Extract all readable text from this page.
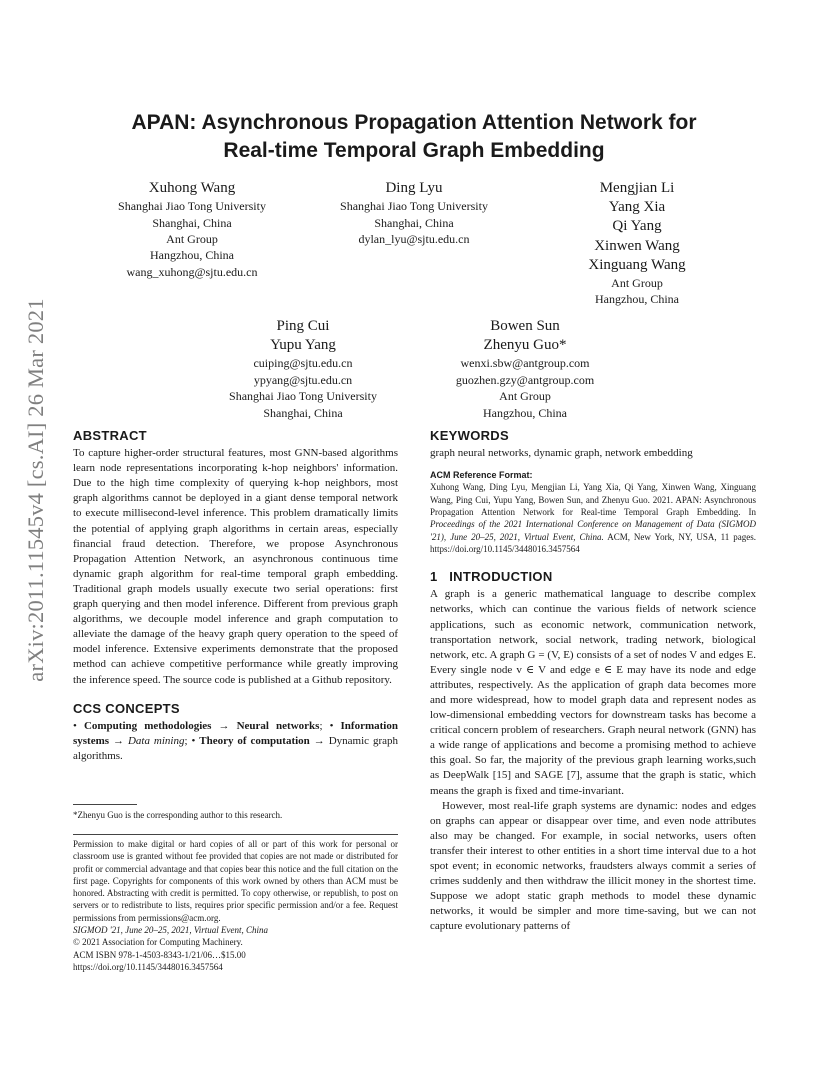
arXiv:2011.11545v4 [cs.AI] 26 Mar 2021
APAN: Asynchronous Propagation Attention Network for
Real-time Temporal Graph Embedding
Xuhong Wang
Shanghai Jiao Tong University
Shanghai, China
Ant Group
Hangzhou, China
wang_xuhong@sjtu.edu.cn
Ding Lyu
Shanghai Jiao Tong University
Shanghai, China
dylan_lyu@sjtu.edu.cn
Mengjian Li
Yang Xia
Qi Yang
Xinwen Wang
Xinguang Wang
Ant Group
Hangzhou, China
Ping Cui
Yupu Yang
cuiping@sjtu.edu.cn
ypyang@sjtu.edu.cn
Shanghai Jiao Tong University
Shanghai, China
Bowen Sun
Zhenyu Guo*
wenxi.sbw@antgroup.com
guozhen.gzy@antgroup.com
Ant Group
Hangzhou, China
ABSTRACT

To capture higher-order structural features, most GNN-based algorithms learn node representations incorporating k-hop neighbors' information. Due to the high time complexity of querying k-hop neighbors, most graph algorithms cannot be deployed in a giant dense temporal network to execute millisecond-level inference. This problem dramatically limits the potential of applying graph algorithms in certain areas, especially financial fraud detection. Therefore, we propose Asynchronous Propagation Attention Network, an asynchronous continuous time dynamic graph algorithm for real-time temporal graph embedding. Traditional graph models usually execute two serial operations: first graph querying and then model inference. Different from previous graph algorithms, we decouple model inference and graph computation to alleviate the damage of the heavy graph query operation to the speed of model inference. Extensive experiments demonstrate that the proposed method can achieve competitive performance while greatly improving the inference speed. The source code is published at a Github repository.

CCS CONCEPTS

• Computing methodologies → Neural networks; • Information systems → Data mining; • Theory of computation → Dynamic graph algorithms.

*Zhenyu Guo is the corresponding author to this research.

Permission to make digital or hard copies of all or part of this work for personal or classroom use is granted without fee provided that copies are not made or distributed for profit or commercial advantage and that copies bear this notice and the full citation on the first page. Copyrights for components of this work owned by others than ACM must be honored. Abstracting with credit is permitted. To copy otherwise, or republish, to post on servers or to redistribute to lists, requires prior specific permission and/or a fee. Request permissions from permissions@acm.org.

SIGMOD '21, June 20–25, 2021, Virtual Event, China

© 2021 Association for Computing Machinery.

ACM ISBN 978-1-4503-8343-1/21/06…$15.00

https://doi.org/10.1145/3448016.3457564

KEYWORDS

graph neural networks, dynamic graph, network embedding

ACM Reference Format:

Xuhong Wang, Ding Lyu, Mengjian Li, Yang Xia, Qi Yang, Xinwen Wang, Xinguang Wang, Ping Cui, Yupu Yang, Bowen Sun, and Zhenyu Guo. 2021. APAN: Asynchronous Propagation Attention Network for Real-time Temporal Graph Embedding. In Proceedings of the 2021 International Conference on Management of Data (SIGMOD '21), June 20–25, 2021, Virtual Event, China. ACM, New York, NY, USA, 11 pages. https://doi.org/10.1145/3448016.3457564

1   INTRODUCTION

A graph is a generic mathematical language to describe complex networks, which can continue the various fields of network science applications, such as economic network, communication network, transportation network, social network, trading network, biological network, etc. A graph G = (V, E) consists of a set of nodes V and edges E. Every single node v ∈ V and edge e ∈ E may have its node and edge attributes, respectively. As the application of graph data becomes more and more widespread, how to model graph data and represent nodes as low-dimensional embedding vectors for downstream tasks has become a critical concern problem of researchers. Graph neural network (GNN) has a wide range of applications and become a promising method to achieve this goal. So far, the majority of the previous graph learning works,such as DeepWalk [15] and SAGE [7], assume that the graph is static, which means the graph is fixed and time-invariant.

However, most real-life graph systems are dynamic: nodes and edges on graphs can appear or disappear over time, and even node attributes also may be changed. For example, in social networks, users often transfer their interest to other entities in a short time interval due to a hot spot event; in economic networks, fraudsters always commit a series of crimes suddenly and then withdraw the illicit money in the shortest time. Suppose we adopt static graph methods to model these dynamic networks, it would be simpler and more time-saving, but we can not capture evolutionary patterns of
